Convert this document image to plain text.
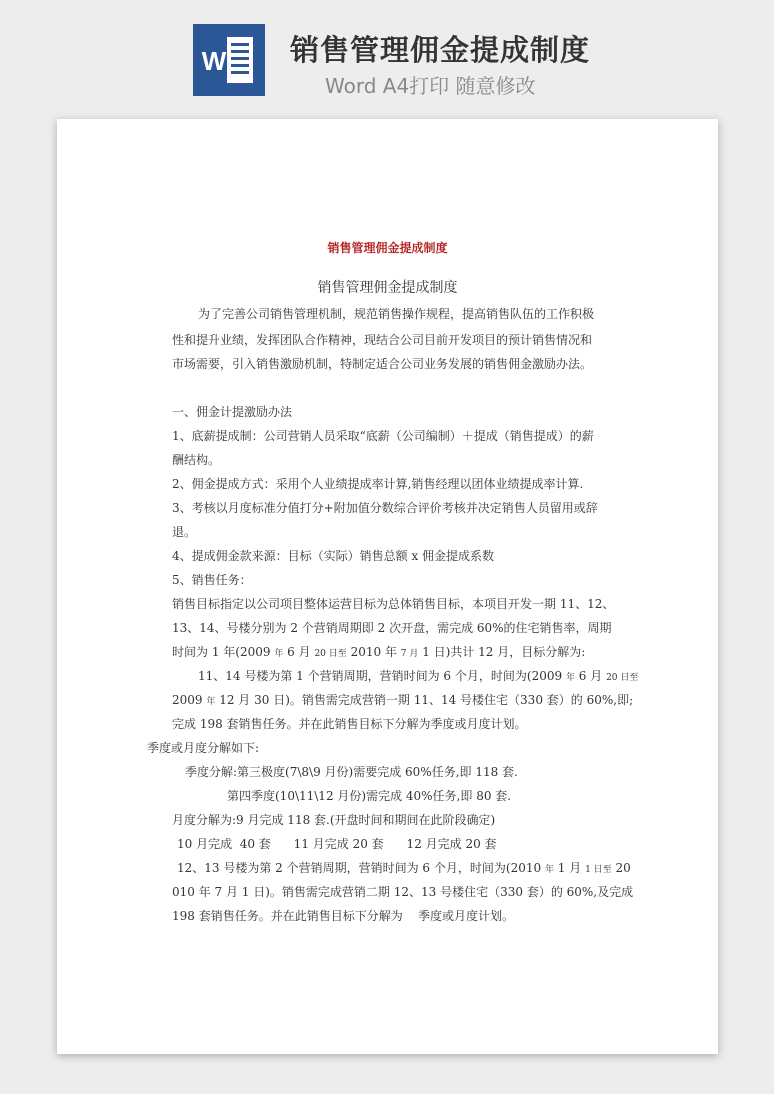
W 销售管理佣金提成制度
Word A4打印 随意修改

销售管理佣金提成制度
销售管理佣金提成制度
为了完善公司销售管理机制，规范销售操作规程，提高销售队伍的工作积极
性和提升业绩，发挥团队合作精神，现结合公司目前开发项目的预计销售情况和
市场需要，引入销售激励机制，特制定适合公司业务发展的销售佣金激励办法。
一、佣金计提激励办法
1、底薪提成制：公司营销人员采取“底薪（公司编制）＋提成（销售提成）的薪
酬结构。
2、佣金提成方式：采用个人业绩提成率计算,销售经理以团体业绩提成率计算.
3、考核以月度标准分值打分+附加值分数综合评价考核并决定销售人员留用或辞
退。
4、提成佣金款来源：目标（实际）销售总额 x 佣金提成系数
5、销售任务：
销售目标指定以公司项目整体运营目标为总体销售目标，本项目开发一期 11、12、
13、14、号楼分别为 2 个营销周期即 2 次开盘，需完成 60%的住宅销售率，周期
时间为 1 年(2009 年 6 月 20 日至 2010 年 7 月 1 日)共计 12 月，目标分解为:
11、14 号楼为第 1 个营销周期，营销时间为 6 个月，时间为(2009 年 6 月 20 日至
2009 年 12 月 30 日)。销售需完成营销一期 11、14 号楼住宅（330 套）的 60%,即;
完成 198 套销售任务。并在此销售目标下分解为季度或月度计划。
季度或月度分解如下:
季度分解:第三极度(7\8\9 月份)需要完成 60%任务,即 118 套.
第四季度(10\11\12 月份)需完成 40%任务,即 80 套.
月度分解为:9 月完成 118 套.(开盘时间和期间在此阶段确定)
10 月完成  40 套      11 月完成 20 套      12 月完成 20 套
12、13 号楼为第 2 个营销周期，营销时间为 6 个月，时间为(2010 年 1 月 1 日至 20
010 年 7 月 1 日)。销售需完成营销二期 12、13 号楼住宅（330 套）的 60%,及完成
198 套销售任务。并在此销售目标下分解为    季度或月度计划。
